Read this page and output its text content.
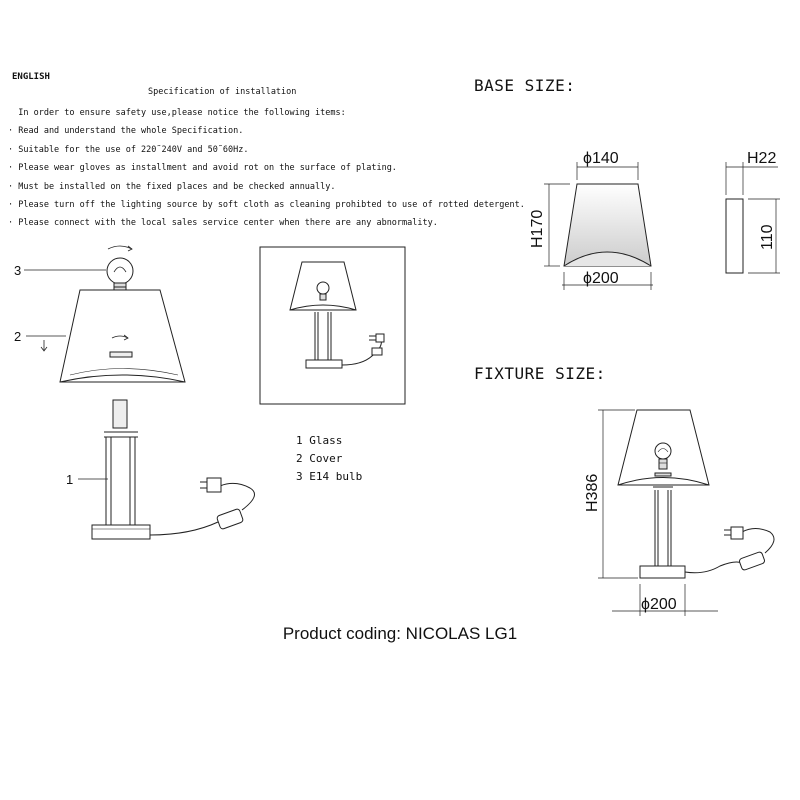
ENGLISH
Specification of installation
In order to ensure safety use,please notice the following items:
· Read and understand the whole Specification.
· Suitable for the use of 220˜240V and 50˜60Hz.
· Please wear gloves as installment and avoid rot on the surface of plating.
· Must be installed on the fixed places and be checked annually.
· Please turn off the lighting source by soft cloth as cleaning prohibted to use of rotted detergent.
· Please connect with the local sales service center when there are any abnormality.
BASE SIZE:
FIXTURE SIZE:
1 Glass
2 Cover
3 E14 bulb
Product coding: NICOLAS LG1
1
2
3
ϕ140
ϕ200
H170
H22
110
H386
ϕ200
